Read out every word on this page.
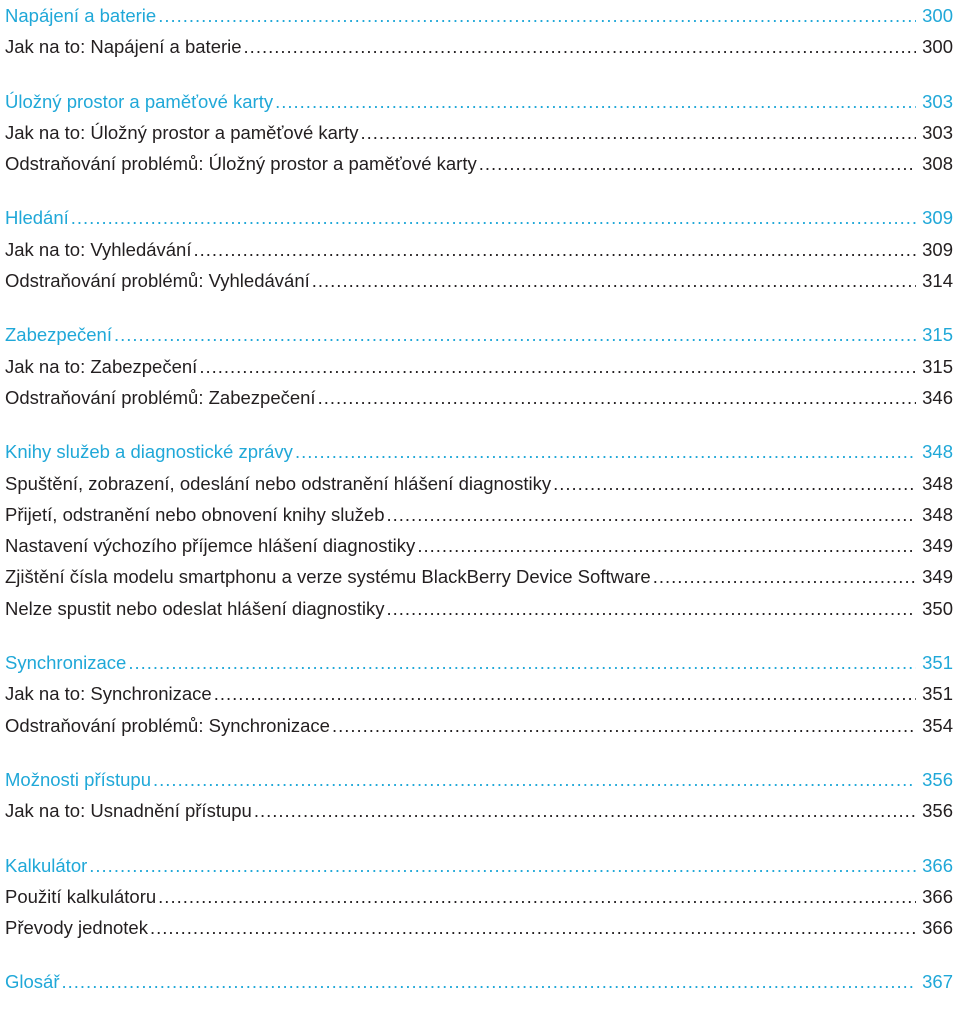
Napájení a baterie .....	300
Jak na to: Napájení a baterie .....	300
Úložný prostor a paměťové karty .....	303
Jak na to: Úložný prostor a paměťové karty .....	303
Odstraňování problémů: Úložný prostor a paměťové karty .....	308
Hledání .....	309
Jak na to: Vyhledávání .....	309
Odstraňování problémů: Vyhledávání .....	314
Zabezpečení .....	315
Jak na to: Zabezpečení .....	315
Odstraňování problémů: Zabezpečení .....	346
Knihy služeb a diagnostické zprávy .....	348
Spuštění, zobrazení, odeslání nebo odstranění hlášení diagnostiky .....	348
Přijetí, odstranění nebo obnovení knihy služeb .....	348
Nastavení výchozího příjemce hlášení diagnostiky .....	349
Zjištění čísla modelu smartphonu a verze systému BlackBerry Device Software .....	349
Nelze spustit nebo odeslat hlášení diagnostiky .....	350
Synchronizace .....	351
Jak na to: Synchronizace .....	351
Odstraňování problémů: Synchronizace .....	354
Možnosti přístupu .....	356
Jak na to: Usnadnění přístupu .....	356
Kalkulátor .....	366
Použití kalkulátoru .....	366
Převody jednotek .....	366
Glosář .....	367
